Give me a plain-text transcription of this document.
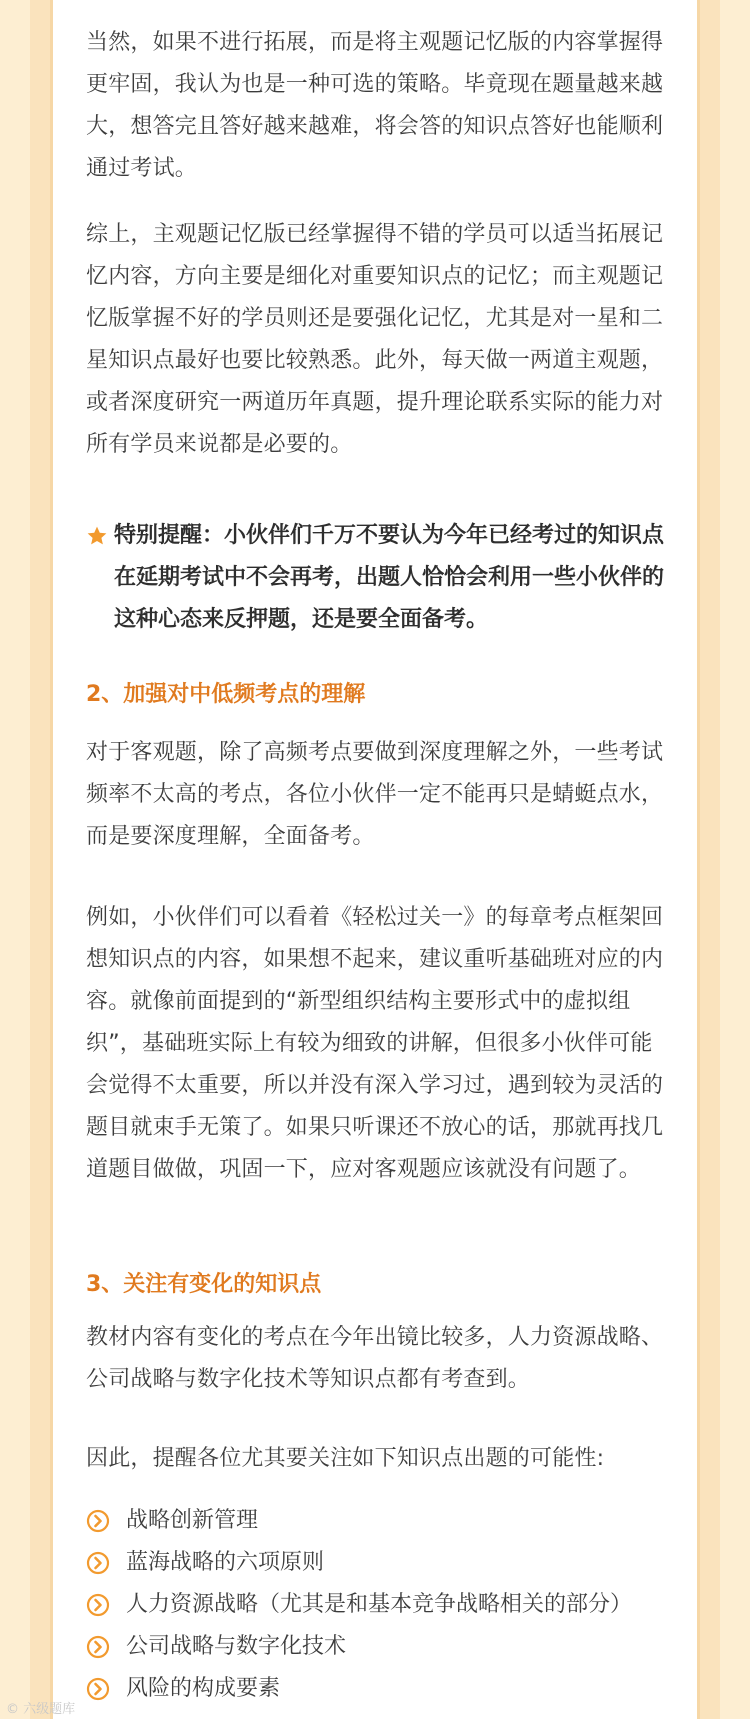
当然，如果不进行拓展，而是将主观题记忆版的内容掌握得更牢固，我认为也是一种可选的策略。毕竟现在题量越来越大，想答完且答好越来越难，将会答的知识点答好也能顺利通过考试。

综上，主观题记忆版已经掌握得不错的学员可以适当拓展记忆内容，方向主要是细化对重要知识点的记忆；而主观题记忆版掌握不好的学员则还是要强化记忆，尤其是对一星和二星知识点最好也要比较熟悉。此外，每天做一两道主观题，或者深度研究一两道历年真题，提升理论联系实际的能力对所有学员来说都是必要的。

特别提醒：小伙伴们千万不要认为今年已经考过的知识点在延期考试中不会再考，出题人恰恰会利用一些小伙伴的这种心态来反押题，还是要全面备考。
2、加强对中低频考点的理解

对于客观题，除了高频考点要做到深度理解之外，一些考试频率不太高的考点，各位小伙伴一定不能再只是蜻蜓点水，而是要深度理解，全面备考。

例如，小伙伴们可以看着《轻松过关一》的每章考点框架回想知识点的内容，如果想不起来，建议重听基础班对应的内容。就像前面提到的“新型组织结构主要形式中的虚拟组织”，基础班实际上有较为细致的讲解，但很多小伙伴可能会觉得不太重要，所以并没有深入学习过，遇到较为灵活的题目就束手无策了。如果只听课还不放心的话，那就再找几道题目做做，巩固一下，应对客观题应该就没有问题了。

3、关注有变化的知识点

教材内容有变化的考点在今年出镜比较多，人力资源战略、公司战略与数字化技术等知识点都有考查到。

因此，提醒各位尤其要关注如下知识点出题的可能性:

战略创新管理
蓝海战略的六项原则
人力资源战略（尤其是和基本竞争战略相关的部分）
公司战略与数字化技术
风险的构成要素
© 六级题库
